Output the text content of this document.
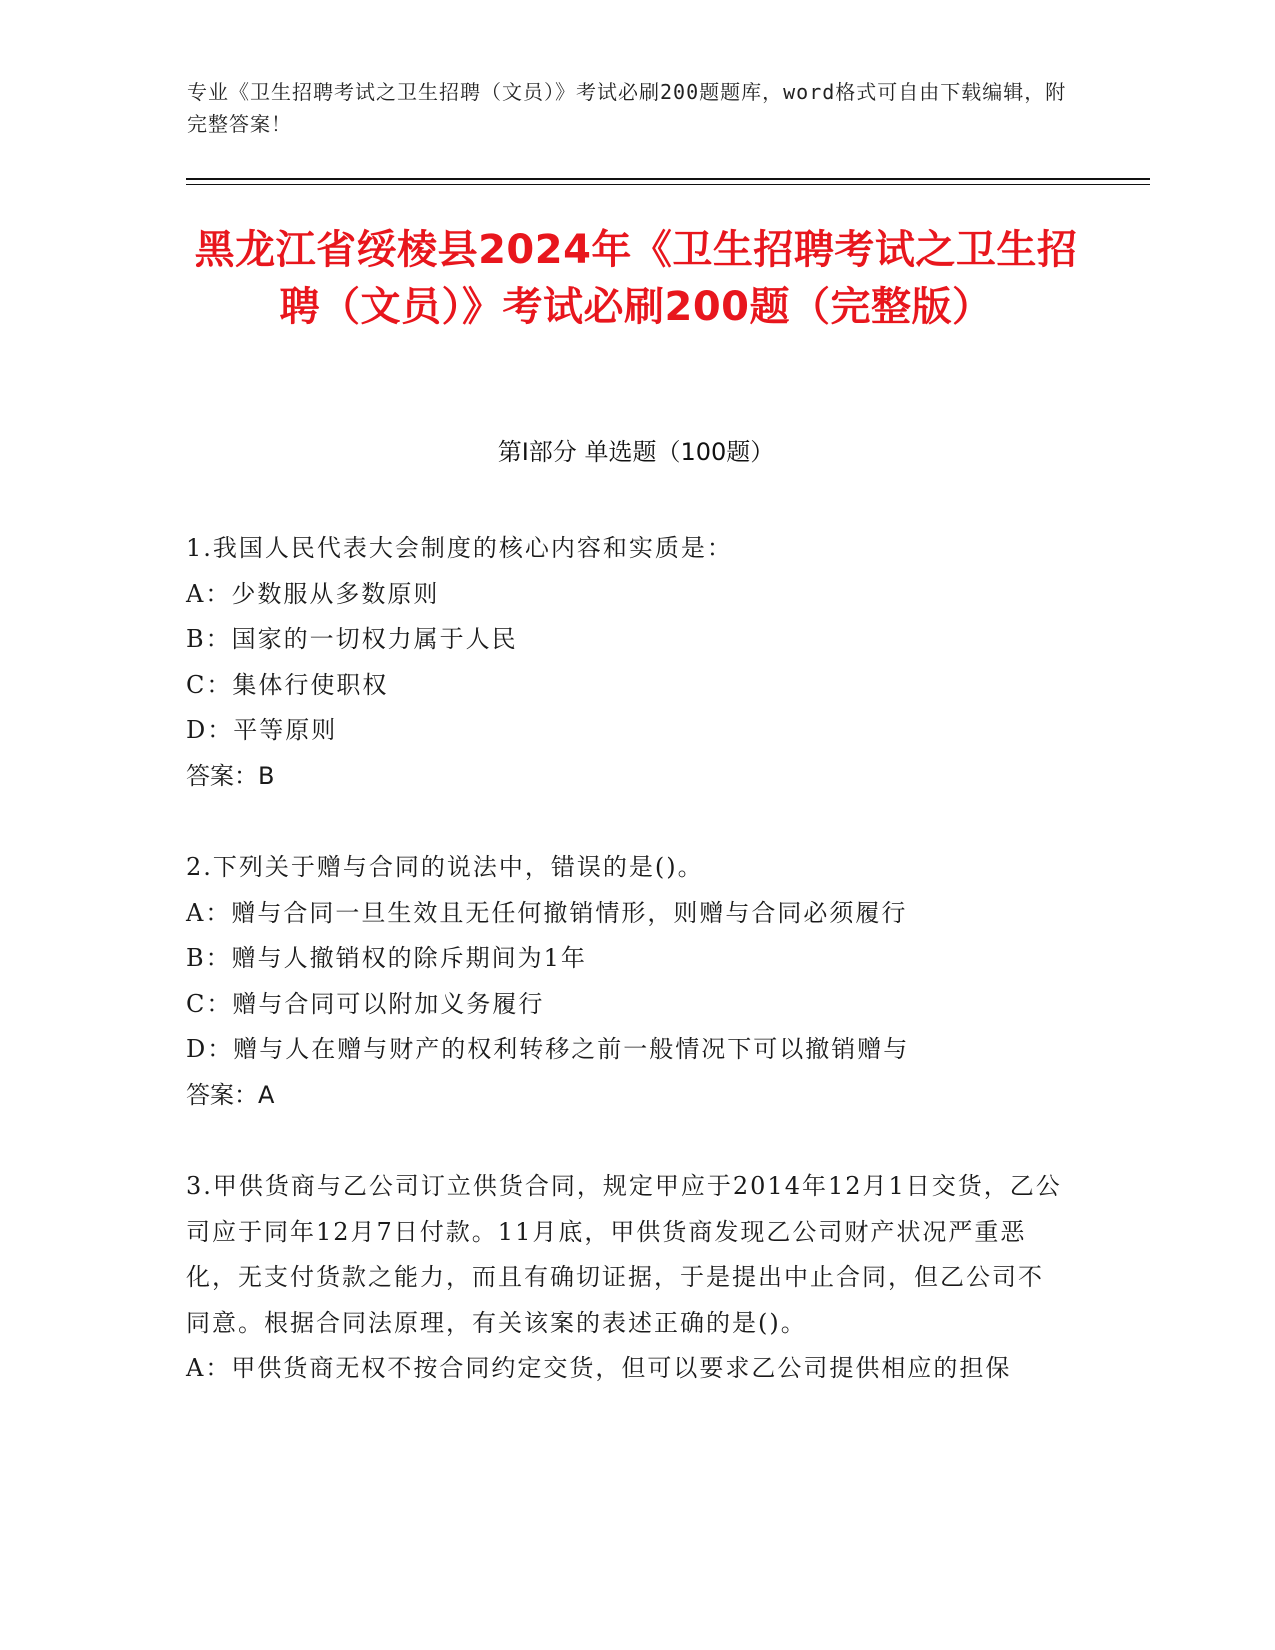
专业《卫生招聘考试之卫生招聘（文员）》考试必刷200题题库，word格式可自由下载编辑，附完整答案！
黑龙江省绥棱县2024年《卫生招聘考试之卫生招聘（文员）》考试必刷200题（完整版）
第Ⅰ部分 单选题（100题）

1.我国人民代表大会制度的核心内容和实质是：

A：少数服从多数原则

B：国家的一切权力属于人民

C：集体行使职权

D：平等原则

答案：B

2.下列关于赠与合同的说法中，错误的是()。

A：赠与合同一旦生效且无任何撤销情形，则赠与合同必须履行

B：赠与人撤销权的除斥期间为1年

C：赠与合同可以附加义务履行

D：赠与人在赠与财产的权利转移之前一般情况下可以撤销赠与

答案：A

3.甲供货商与乙公司订立供货合同，规定甲应于2014年12月1日交货，乙公司应于同年12月7日付款。11月底，甲供货商发现乙公司财产状况严重恶化，无支付货款之能力，而且有确切证据，于是提出中止合同，但乙公司不同意。根据合同法原理，有关该案的表述正确的是()。

A：甲供货商无权不按合同约定交货，但可以要求乙公司提供相应的担保
